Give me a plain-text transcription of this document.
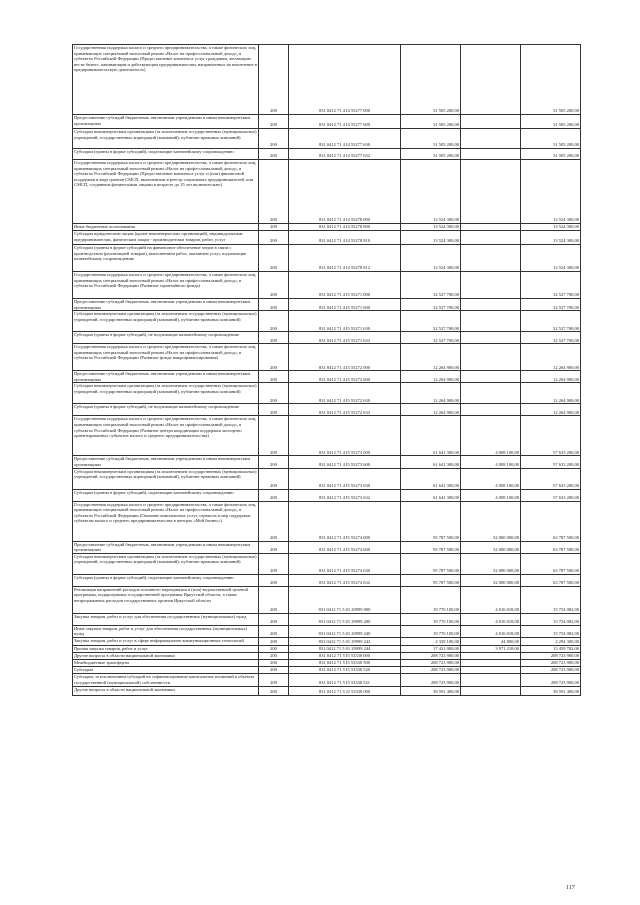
Государственная поддержка малого и среднего предпринимательства, а также физических лиц, применяющих специальный налоговый режим «Налог на профессиональный доход», в субъектах Российской Федерации (Предоставление комплекса услуг гражданам, желающим вести бизнес, начинающим и действующим предпринимателям, направленных на вовлечение в предпринимательскую деятельность)	200	831 0412 71 4 I4 55277 000	31 505 200,00		31 505 200,00
Предоставление субсидий бюджетным, автономным учреждениям и иным некоммерческим организациям	200	831 0412 71 4 I4 55277 600	31 505 200,00		31 505 200,00
Субсидии некоммерческим организациям (за исключением государственных (муниципальных) учреждений, государственных корпораций (компаний), публично-правовых компаний)	200	831 0412 71 4 I4 55277 630	31 505 200,00		31 505 200,00
Субсидии (гранты в форме субсидий), подлежащие казначейскому сопровождению	200	831 0412 71 4 I4 55277 632	31 505 200,00		31 505 200,00
Государственная поддержка малого и среднего предпринимательства, а также физических лиц, применяющих специальный налоговый режим «Налог на профессиональный доход», в субъектах Российской Федерации (Предоставление комплекса услуг и (или) финансовой поддержки в виде грантов СМСП, включенным в реестр социальных предпринимателей, или СМСП, созданным физическими лицами в возрасте до 25 лет включительно)	200	831 0412 71 4 I4 55278 000	13 524 300,00		13 524 300,00
Иные бюджетные ассигнования	200	831 0412 71 4 I4 55278 800	13 524 300,00		13 524 300,00
Субсидии юридическим лицам (кроме некоммерческих организаций), индивидуальным предпринимателям, физическим лицам - производителям товаров, работ, услуг	200	831 0412 71 4 I4 55278 810	13 524 300,00		13 524 300,00
Субсидии (гранты в форме субсидий) на финансовое обеспечение затрат в связи с производством (реализацией товаров), выполнением работ, оказанием услуг, подлежащие казначейскому сопровождению	200	831 0412 71 4 I4 55278 812	13 524 300,00		13 524 300,00
Государственная поддержка малого и среднего предпринимательства, а также физических лиц, применяющих специальный налоговый режим «Налог на профессиональный доход», в субъектах Российской Федерации (Развитие гарантийного фонда)	200	831 0412 71 4 I5 55271 000	32 527 700,00		32 527 700,00
Предоставление субсидий бюджетным, автономным учреждениям и иным некоммерческим организациям	200	831 0412 71 4 I5 55271 600	32 527 700,00		32 527 700,00
Субсидии некоммерческим организациям (за исключением государственных (муниципальных) учреждений, государственных корпораций (компаний), публично-правовых компаний)	200	831 0412 71 4 I5 55271 630	32 527 700,00		32 527 700,00
Субсидии (гранты в форме субсидий), не подлежащие казначейскому сопровождению	200	831 0412 71 4 I5 55271 633	32 527 700,00		32 527 700,00
Государственная поддержка малого и среднего предпринимательства, а также физических лиц, применяющих специальный налоговый режим «Налог на профессиональный доход», в субъектах Российской Федерации (Развитие фонда микрофинансирования)	200	831 0412 71 4 I5 55272 000	12 264 900,00		12 264 900,00
Предоставление субсидий бюджетным, автономным учреждениям и иным некоммерческим организациям	200	831 0412 71 4 I5 55272 600	12 264 900,00		12 264 900,00
Субсидии некоммерческим организациям (за исключением государственных (муниципальных) учреждений, государственных корпораций (компаний), публично-правовых компаний)	200	831 0412 71 4 I5 55272 630	12 264 900,00		12 264 900,00
Субсидии (гранты в форме субсидий), не подлежащие казначейскому сопровождению	200	831 0412 71 4 I5 55272 633	12 264 900,00		12 264 900,00
Государственная поддержка малого и среднего предпринимательства, а также физических лиц, применяющих специальный налоговый режим «Налог на профессиональный доход», в субъектах Российской Федерации (Развитие центра координации поддержки экспортно ориентированных субъектов малого и среднего предпринимательства)	200	831 0412 71 4 I5 55273 000	61 641 300,00	4 008 100,00	57 633 200,00
Предоставление субсидий бюджетным, автономным учреждениям и иным некоммерческим организациям	200	831 0412 71 4 I5 55273 600	61 641 300,00	4 008 100,00	57 633 200,00
Субсидии некоммерческим организациям (за исключением государственных (муниципальных) учреждений, государственных корпораций (компаний), публично-правовых компаний)	200	831 0412 71 4 I5 55273 630	61 641 300,00	4 008 100,00	57 633 200,00
Субсидии (гранты в форме субсидий), подлежащие казначейскому сопровождению	200	831 0412 71 4 I5 55273 632	61 641 300,00	4 008 100,00	57 633 200,00
Государственная поддержка малого и среднего предпринимательства, а также физических лиц, применяющих специальный налоговый режим «Налог на профессиональный доход», в субъектах Российской Федерации (Оказание комплексных услуг, сервисов и мер поддержки субъектам малого и среднего предпринимательства в центрах «Мой бизнес»)	200	831 0412 71 4 I5 55274 000	95 787 500,00	32 000 000,00	63 787 500,00
Предоставление субсидий бюджетным, автономным учреждениям и иным некоммерческим организациям	200	831 0412 71 4 I5 55274 600	95 787 500,00	32 000 000,00	63 787 500,00
Субсидии некоммерческим организациям (за исключением государственных (муниципальных) учреждений, государственных корпораций (компаний), публично-правовых компаний)	200	831 0412 71 4 I5 55274 630	95 787 500,00	32 000 000,00	63 787 500,00
Субсидии (гранты в форме субсидий), подлежащие казначейскому сопровождению	200	831 0412 71 4 I5 55274 632	95 787 500,00	32 000 000,00	63 787 500,00
Реализация направлений расходов основного мероприятия и (или) ведомственной целевой программы, подпрограммы государственной программы Иркутской области, а также непрограммных расходов государственных органов Иркутской области	200	831 0412 71 5 01 29999 000	19 770 100,00	4 016 018,00	15 754 082,00
Закупка товаров, работ и услуг для обеспечения государственных (муниципальных) нужд	200	831 0412 71 5 01 29999 200	19 770 100,00	4 016 018,00	15 754 082,00
Иные закупки товаров, работ и услуг для обеспечения государственных (муниципальных) нужд	200	831 0412 71 5 01 29999 240	19 770 100,00	4 016 018,00	15 754 082,00
Закупка товаров, работ и услуг в сфере информационно-коммуникационных технологий	200	831 0412 71 5 01 29999 242	2 339 100,00	44 800,00	2 294 300,00
Прочая закупка товаров, работ и услуг	200	831 0412 71 5 01 29999 244	17 431 000,00	3 971 218,00	13 459 782,00
Другие вопросы в области национальной экономики	200	831 0412 71 5 I5 53330 000	208 723 900,00		208 723 900,00
Межбюджетные трансферты	200	831 0412 71 5 I5 53330 500	208 723 900,00		208 723 900,00
Субсидии	200	831 0412 71 5 I5 53330 520	208 723 900,00		208 723 900,00
Субсидии, за исключением субсидий на софинансирование капитальных вложений в объекты государственной (муниципальной) собственности	200	831 0412 71 5 I5 53330 521	208 723 900,00		208 723 900,00
Другие вопросы в области национальной экономики	200	831 0412 71 5 J2 53330 000	38 591 400,00		38 591 400,00
117
